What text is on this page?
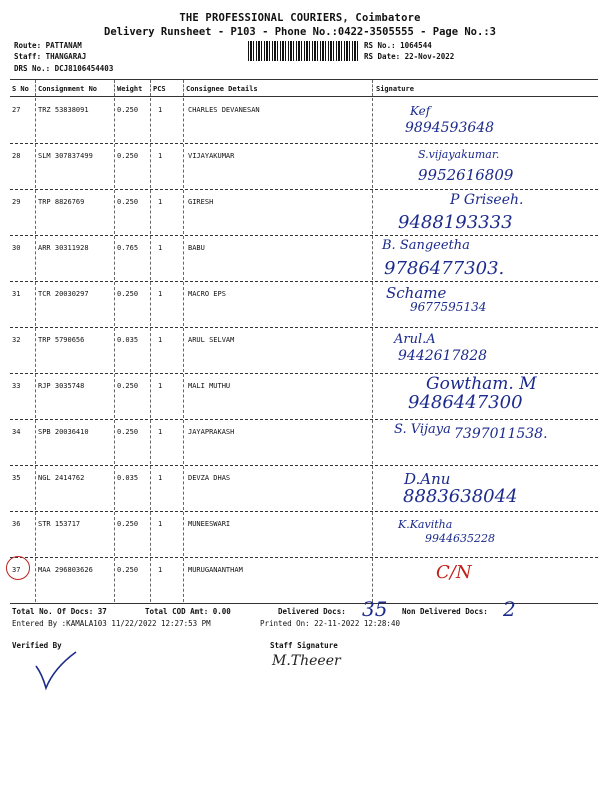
THE PROFESSIONAL COURIERS, Coimbatore
Delivery Runsheet - P103 - Phone No.:0422-3505555 - Page No.:3
Route: PATTANAM
Staff: THANGARAJ
DRS No.: DCJ8106454403
RS No.: 1064544
RS Date: 22-Nov-2022
S No Consignment No	Weight PCS	Consignee Details	Signature
27	TRZ 53838091	0.250	1	CHARLES DEVANESAN	Kef
9894593648
28	SLM 307837499	0.250	1	VIJAYAKUMAR	S.vijayakumar.
9952616809
29	TRP 8826769	0.250	1	GIRESH	P Griseeh.
9488193333
30	ARR 30311928	0.765	1	BABU	B. Sangeetha
9786477303.
31	TCR 20030297	0.250	1	MACRO EPS	Schame
9677595134
32	TRP 5790656	0.035	1	ARUL SELVAM	Arul.A
9442617828
33	RJP 3035748	0.250	1	MALI MUTHU	Gowtham. M
9486447300
34	SPB 20036410	0.250	1	JAYAPRAKASH	S. Vijaya 7397011538.
35	NGL 2414762	0.035	1	DEVZA DHAS	D.Anu
8883638044
36	STR 153717	0.250	1	MUNEESWARI	K.Kavitha
9944635228
37	MAA 296803626	0.250	1	MURUGANANTHAM	C/N
Total No. Of Docs: 37	Total COD Amt: 0.00	Delivered Docs: 35 Non Delivered Docs: 2
Entered By :KAMALA103 11/22/2022 12:27:53 PM	Printed On: 22-11-2022 12:28:40
Verified By	Staff Signature
M.Theeer
